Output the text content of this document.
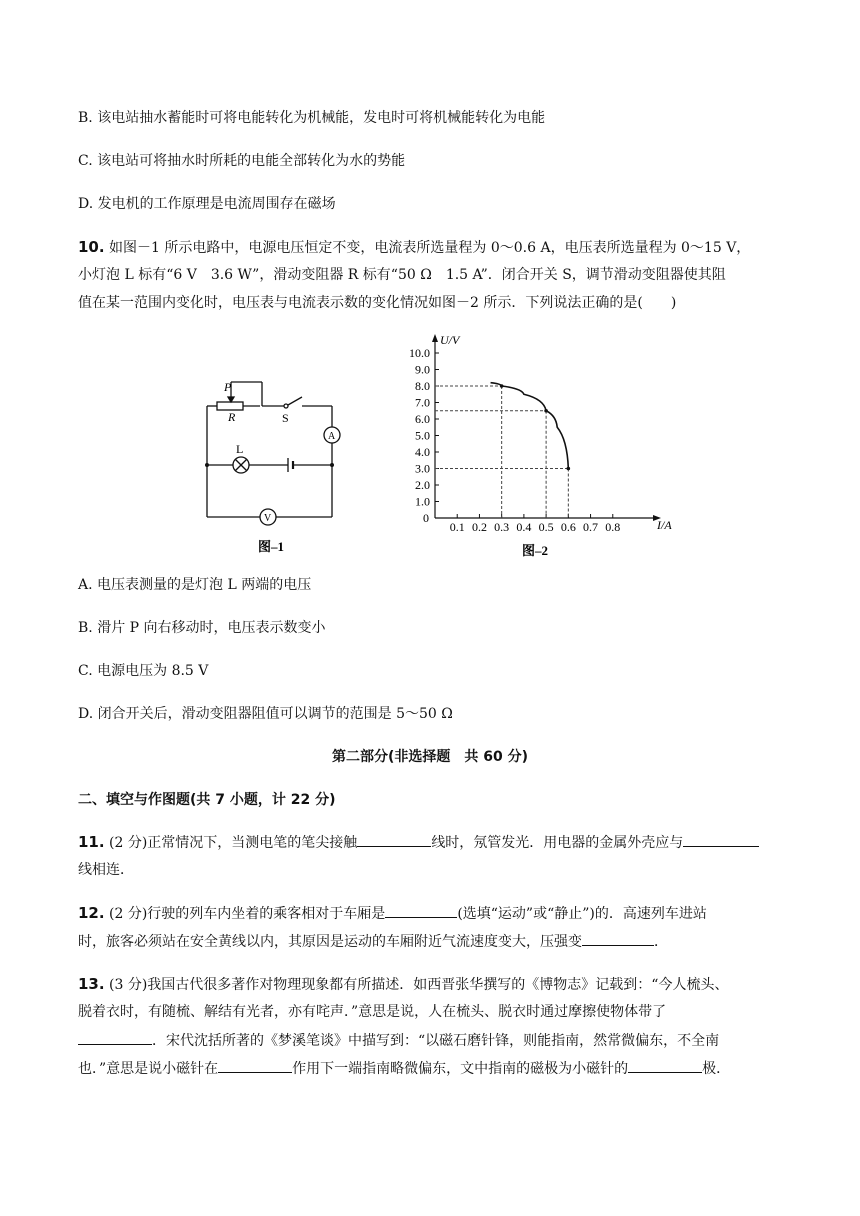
B. 该电站抽水蓄能时可将电能转化为机械能，发电时可将机械能转化为电能
C. 该电站可将抽水时所耗的电能全部转化为水的势能
D. 发电机的工作原理是电流周围存在磁场
10. 如图－1 所示电路中，电源电压恒定不变，电流表所选量程为 0～0.6 A，电压表所选量程为 0～15 V，
小灯泡 L 标有“6 V　3.6 W”，滑动变阻器 R 标有“50 Ω　1.5 A”．闭合开关 S，调节滑动变阻器使其阻
值在某一范围内变化时，电压表与电流表示数的变化情况如图－2 所示．下列说法正确的是(　　)
P
R	S
L
A
V
图–1
U/V
I/A
0
1.0
2.0
3.0
4.0
5.0
6.0
7.0
8.0
9.0
10.0
0.1 0.2 0.3 0.4 0.5 0.6 0.7 0.8
图–2
A. 电压表测量的是灯泡 L 两端的电压
B. 滑片 P 向右移动时，电压表示数变小
C. 电源电压为 8.5 V
D. 闭合开关后，滑动变阻器阻值可以调节的范围是 5～50 Ω
第二部分(非选择题　共 60 分)
二、填空与作图题(共 7 小题，计 22 分)
11. (2 分)正常情况下，当测电笔的笔尖接触	线时，氖管发光．用电器的金属外壳应与
线相连．
12. (2 分)行驶的列车内坐着的乘客相对于车厢是	(选填“运动”或“静止”)的．高速列车进站
时，旅客必须站在安全黄线以内，其原因是运动的车厢附近气流速度变大，压强变	．
13. (3 分)我国古代很多著作对物理现象都有所描述．如西晋张华撰写的《博物志》记载到：“今人梳头、
脱着衣时，有随梳、解结有光者，亦有咤声．”意思是说，人在梳头、脱衣时通过摩擦使物体带了
．宋代沈括所著的《梦溪笔谈》中描写到：“以磁石磨针锋，则能指南，然常微偏东，不全南
也．”意思是说小磁针在	作用下一端指南略微偏东，文中指南的磁极为小磁针的	极．
